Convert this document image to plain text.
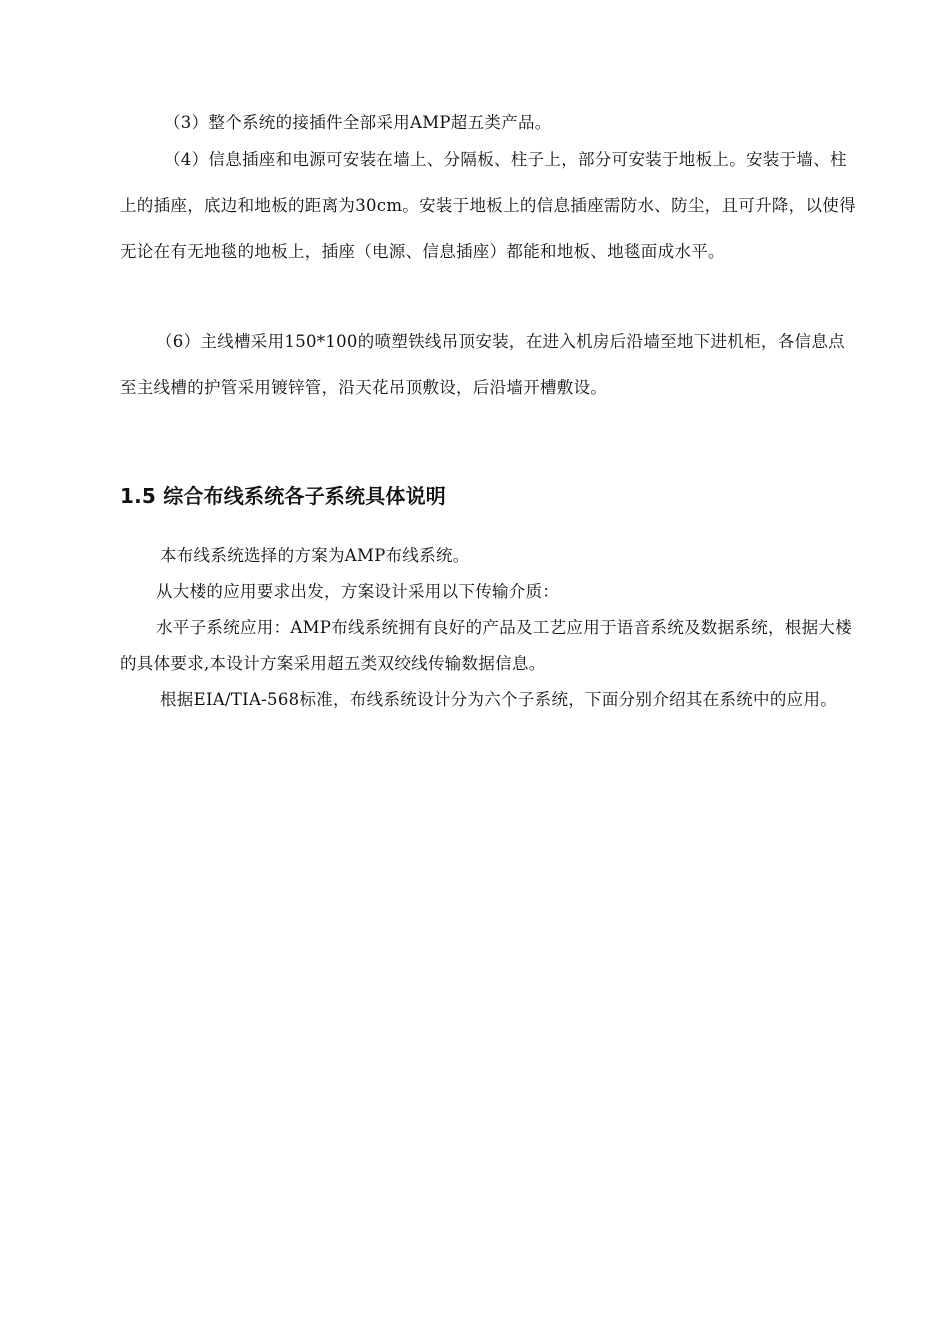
（3）整个系统的接插件全部采用AMP超五类产品。

（4）信息插座和电源可安装在墙上、分隔板、柱子上，部分可安装于地板上。安装于墙、柱上的插座，底边和地板的距离为30cm。安装于地板上的信息插座需防水、防尘，且可升降，以使得无论在有无地毯的地板上，插座（电源、信息插座）都能和地板、地毯面成水平。

（6）主线槽采用150*100的喷塑铁线吊顶安装，在进入机房后沿墙至地下进机柜，各信息点至主线槽的护管采用镀锌管，沿天花吊顶敷设，后沿墙开槽敷设。

1.5 综合布线系统各子系统具体说明

本布线系统选择的方案为AMP布线系统。

从大楼的应用要求出发，方案设计采用以下传输介质：

水平子系统应用：AMP布线系统拥有良好的产品及工艺应用于语音系统及数据系统，根据大楼的具体要求,本设计方案采用超五类双绞线传输数据信息。

根据EIA/TIA-568标准，布线系统设计分为六个子系统，下面分别介绍其在系统中的应用。
